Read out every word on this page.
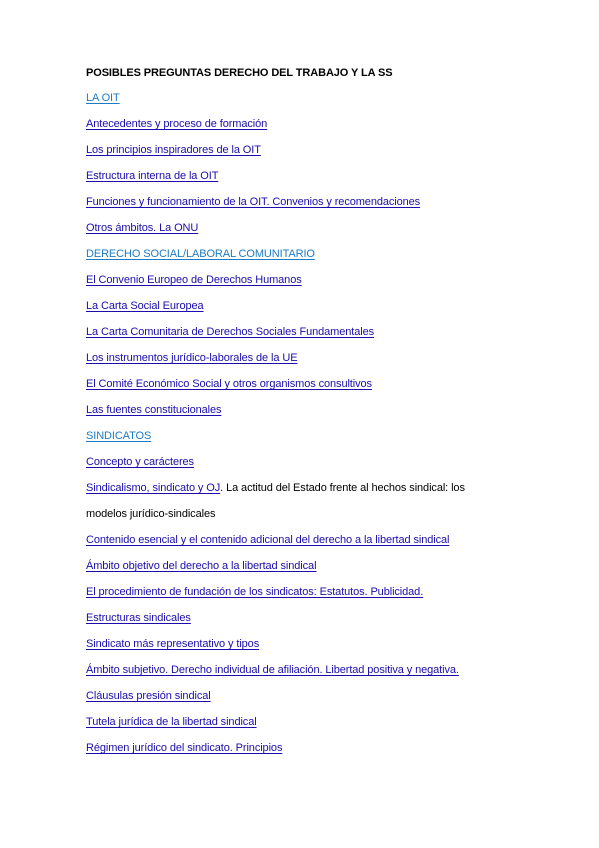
POSIBLES PREGUNTAS DERECHO DEL TRABAJO Y LA SS
LA OIT
Antecedentes y proceso de formación
Los principios inspiradores de la OIT
Estructura interna de la OIT
Funciones y funcionamiento de la OIT. Convenios y recomendaciones
Otros ámbitos. La ONU
DERECHO SOCIAL/LABORAL COMUNITARIO
El Convenio Europeo de Derechos Humanos
La Carta Social Europea
La Carta Comunitaria de Derechos Sociales Fundamentales
Los instrumentos jurídico-laborales de la UE
El Comité Económico Social y otros organismos consultivos
Las fuentes constitucionales
SINDICATOS
Concepto y carácteres
Sindicalismo, sindicato y OJ. La actitud del Estado frente al hechos sindical: los
modelos jurídico-sindicales
Contenido esencial y el contenido adicional del derecho a la libertad sindical
Ámbito objetivo del derecho a la libertad sindical
El procedimiento de fundación de los sindicatos: Estatutos. Publicidad.
Estructuras sindicales
Sindicato más representativo y tipos
Ámbito subjetivo. Derecho individual de afiliación. Libertad positiva y negativa.
Cláusulas presión sindical
Tutela jurídica de la libertad sindical
Régimen jurídico del sindicato. Principios
